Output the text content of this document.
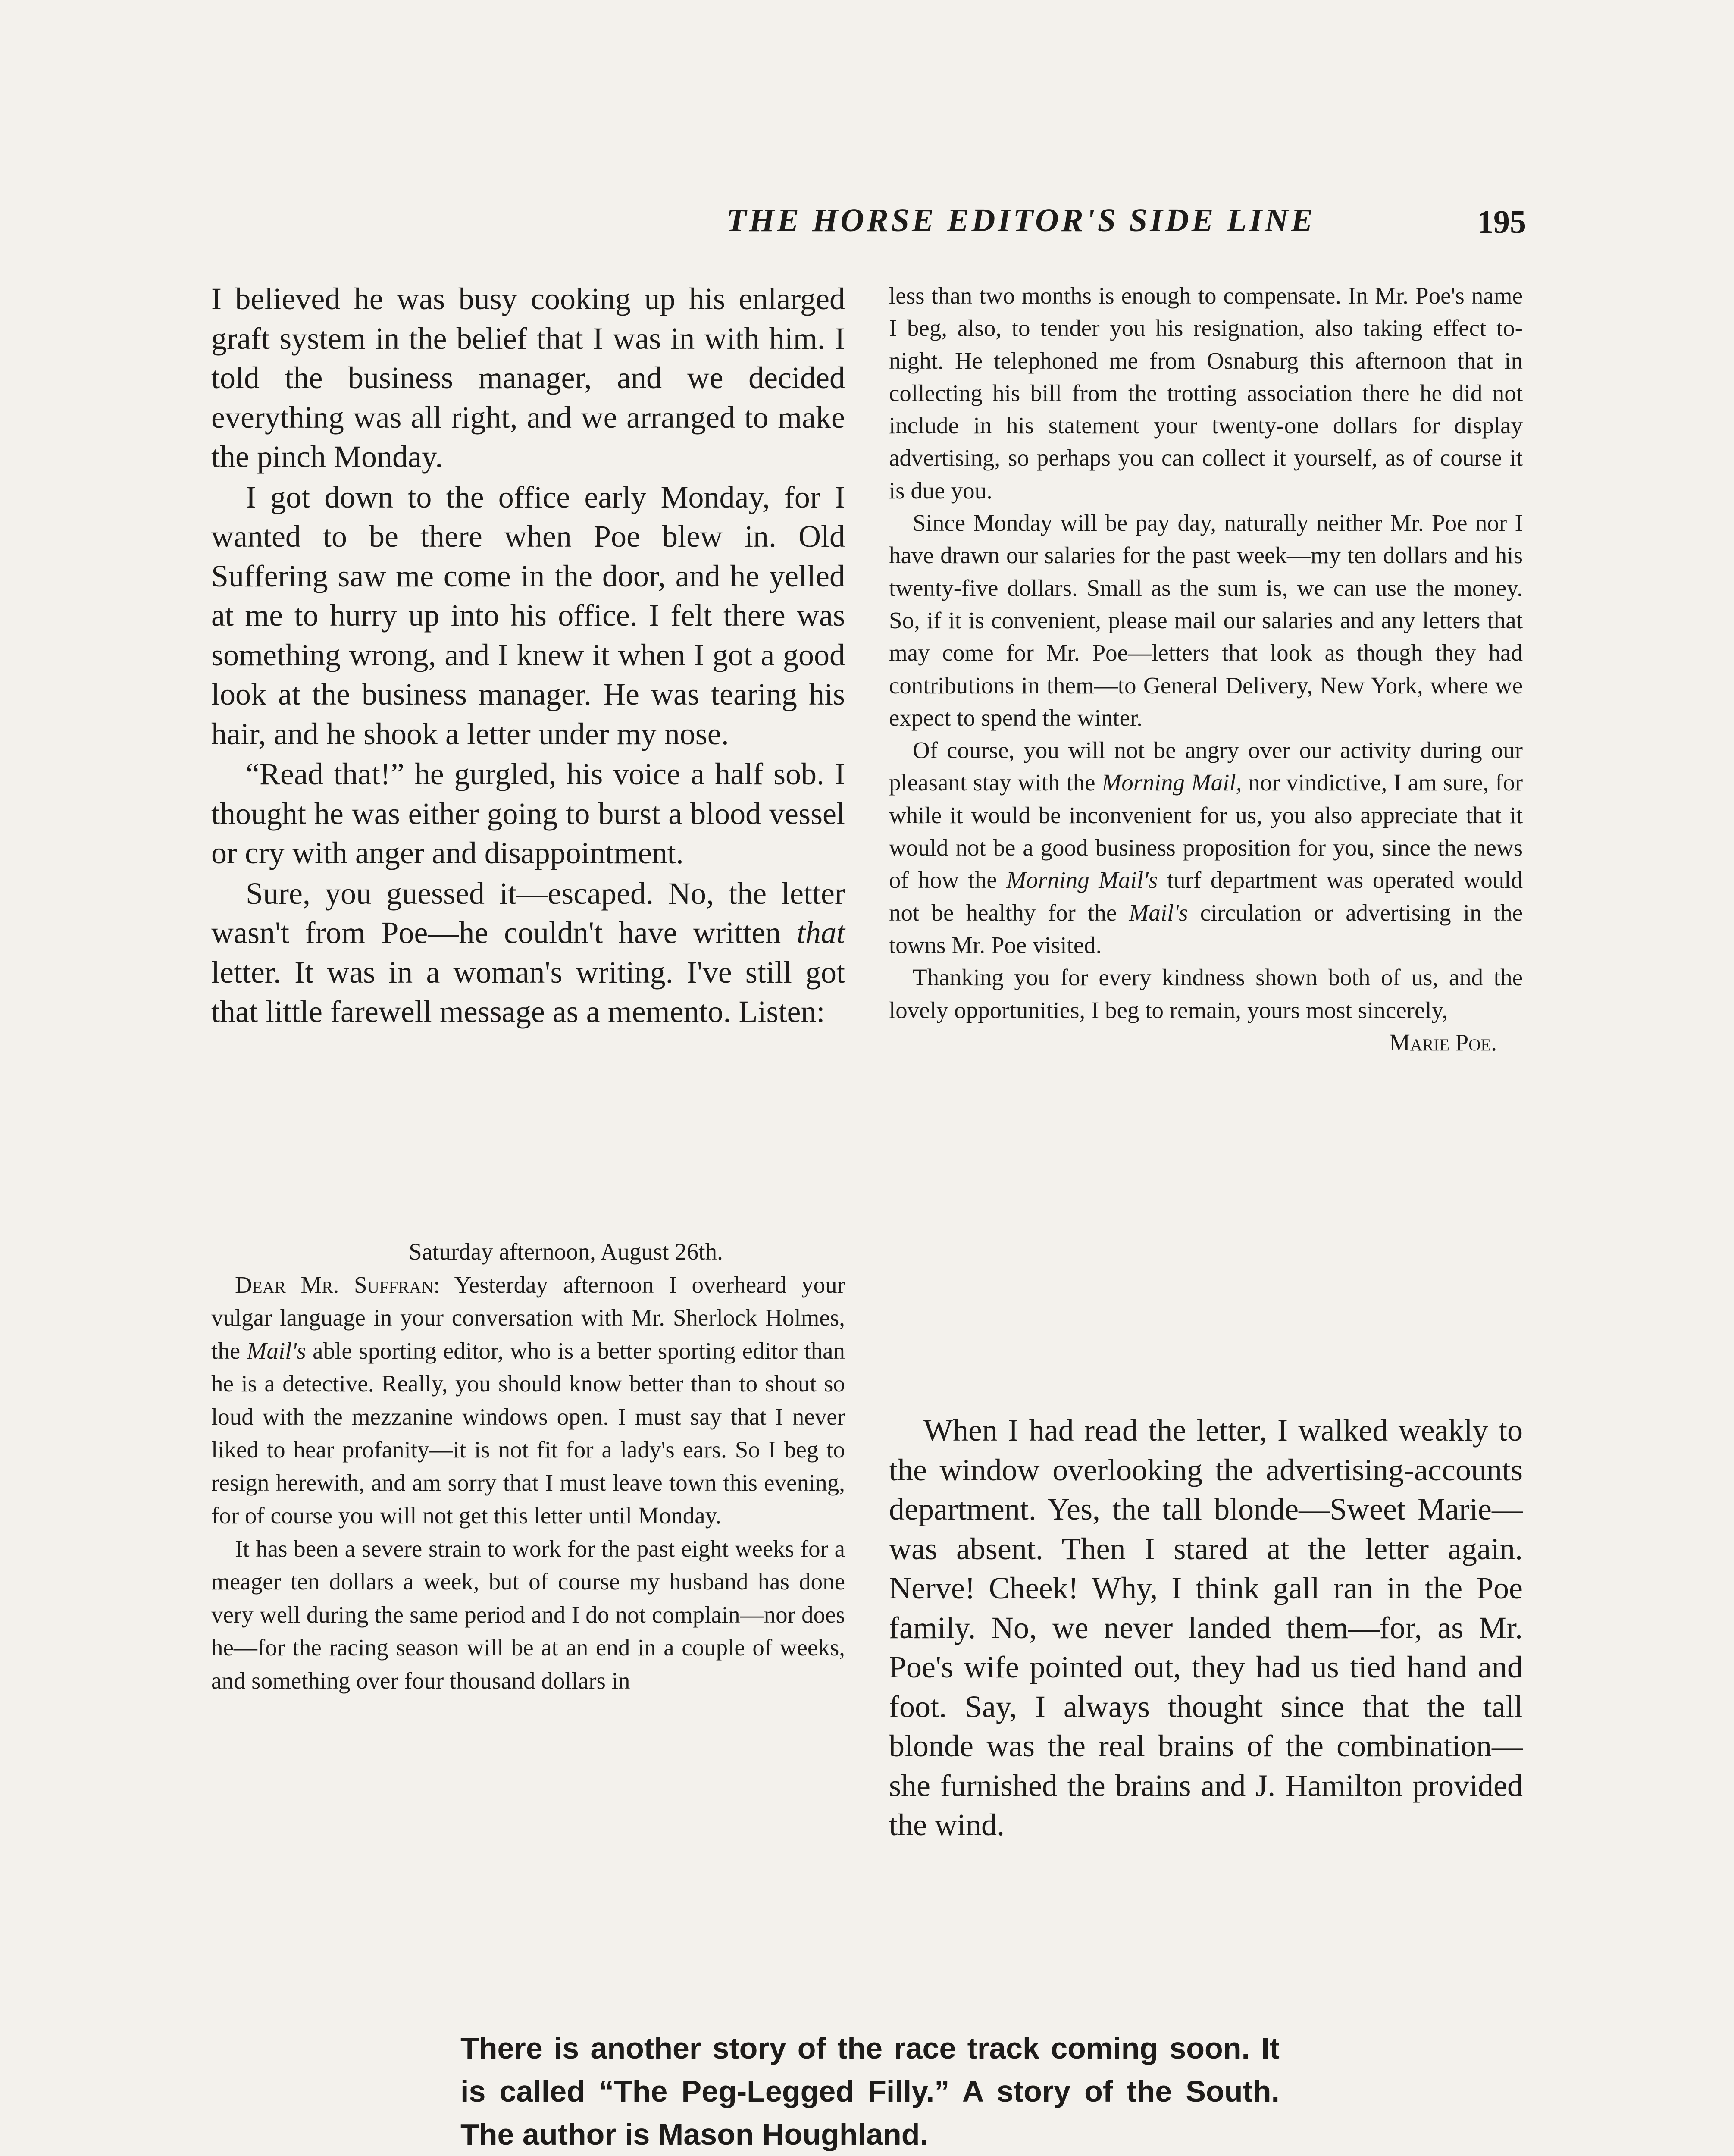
THE HORSE EDITOR'S SIDE LINE	195

I believed he was busy cooking up his enlarged graft system in the belief that I was in with him. I told the business manager, and we decided everything was all right, and we arranged to make the pinch Monday.

I got down to the office early Monday, for I wanted to be there when Poe blew in. Old Suffering saw me come in the door, and he yelled at me to hurry up into his office. I felt there was something wrong, and I knew it when I got a good look at the business manager. He was tearing his hair, and he shook a letter under my nose.

“Read that!” he gurgled, his voice a half sob. I thought he was either going to burst a blood vessel or cry with anger and disappointment.

Sure, you guessed it—escaped. No, the letter wasn't from Poe—he couldn't have written that letter. It was in a woman's writing. I've still got that little farewell message as a memento. Listen:

Saturday afternoon, August 26th.

Dear Mr. Suffran: Yesterday afternoon I overheard your vulgar language in your conversation with Mr. Sherlock Holmes, the Mail's able sporting editor, who is a better sporting editor than he is a detective. Really, you should know better than to shout so loud with the mezzanine windows open. I must say that I never liked to hear profanity—it is not fit for a lady's ears. So I beg to resign herewith, and am sorry that I must leave town this evening, for of course you will not get this letter until Monday.

It has been a severe strain to work for the past eight weeks for a meager ten dollars a week, but of course my husband has done very well during the same period and I do not complain—nor does he—for the racing season will be at an end in a couple of weeks, and something over four thousand dollars in

less than two months is enough to compensate. In Mr. Poe's name I beg, also, to tender you his resignation, also taking effect to-night. He telephoned me from Osnaburg this afternoon that in collecting his bill from the trotting association there he did not include in his statement your twenty-one dollars for display advertising, so perhaps you can collect it yourself, as of course it is due you.

Since Monday will be pay day, naturally neither Mr. Poe nor I have drawn our salaries for the past week—my ten dollars and his twenty-five dollars. Small as the sum is, we can use the money. So, if it is convenient, please mail our salaries and any letters that may come for Mr. Poe—letters that look as though they had contributions in them—to General Delivery, New York, where we expect to spend the winter.

Of course, you will not be angry over our activity during our pleasant stay with the Morning Mail, nor vindictive, I am sure, for while it would be inconvenient for us, you also appreciate that it would not be a good business proposition for you, since the news of how the Morning Mail's turf department was operated would not be healthy for the Mail's circulation or advertising in the towns Mr. Poe visited.

Thanking you for every kindness shown both of us, and the lovely opportunities, I beg to remain, yours most sincerely,

Marie Poe.

When I had read the letter, I walked weakly to the window overlooking the advertising-accounts department. Yes, the tall blonde—Sweet Marie—was absent. Then I stared at the letter again. Nerve! Cheek! Why, I think gall ran in the Poe family. No, we never landed them—for, as Mr. Poe's wife pointed out, they had us tied hand and foot. Say, I always thought since that the tall blonde was the real brains of the combination—she furnished the brains and J. Hamilton provided the wind.

There is another story of the race track coming soon. It is called “The Peg-Legged Filly.” A story of the South. The author is Mason Houghland.
